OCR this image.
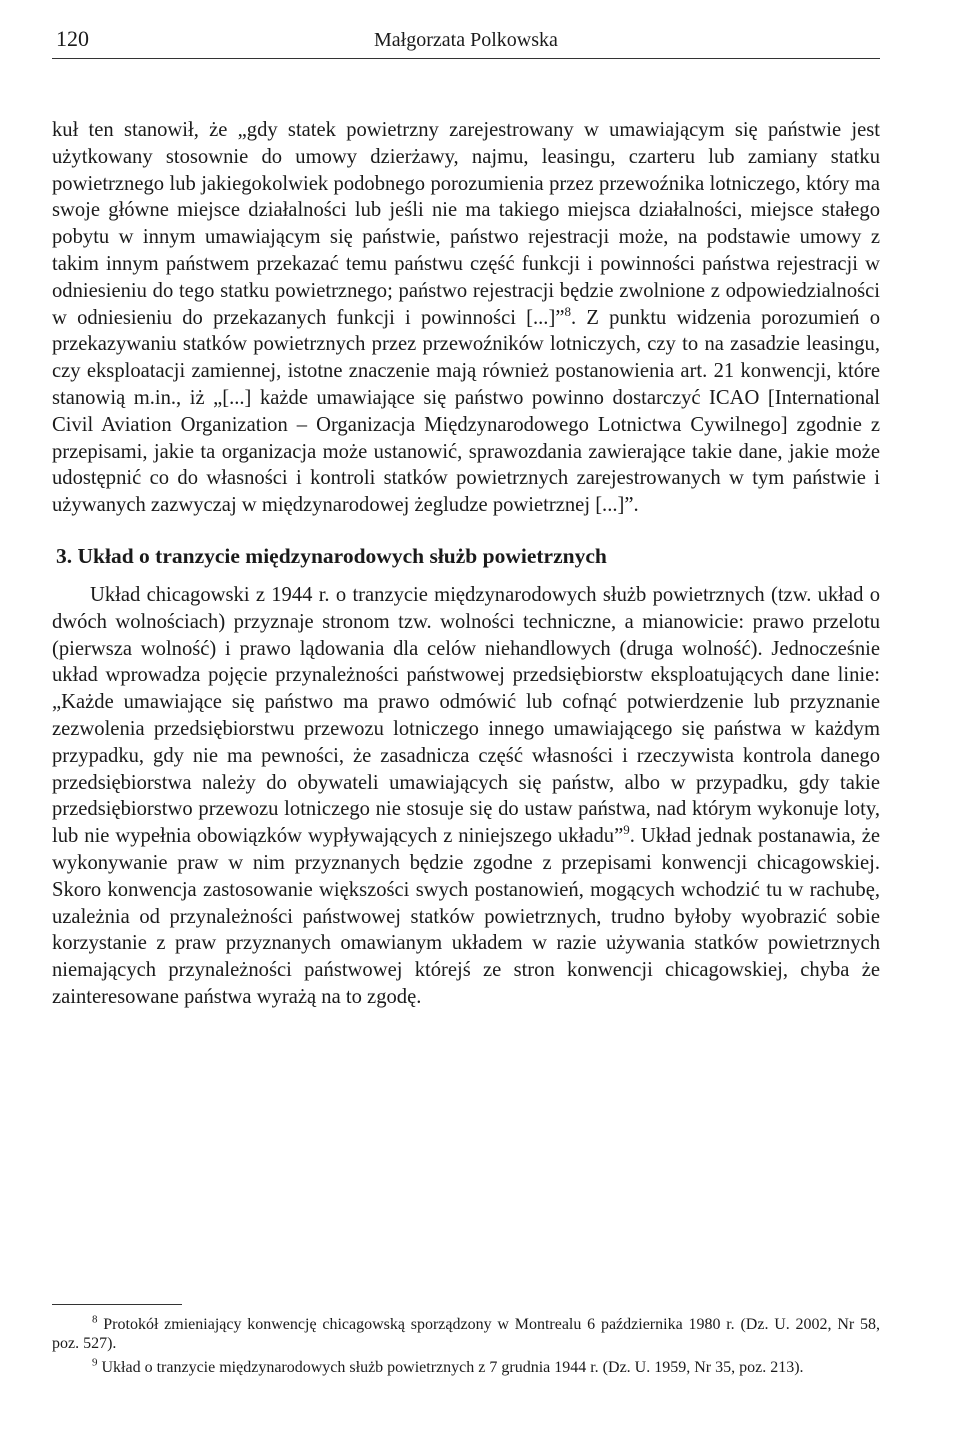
120	Małgorzata Polkowska

kuł ten stanowił, że „gdy statek powietrzny zarejestrowany w umawiającym się państwie jest użytkowany stosownie do umowy dzierżawy, najmu, leasingu, czarteru lub zamiany statku powietrznego lub jakiegokolwiek podobnego porozumienia przez przewoźnika lotniczego, który ma swoje główne miejsce działalności lub jeśli nie ma takiego miejsca działalności, miejsce stałego pobytu w innym umawiającym się państwie, państwo rejestracji może, na podstawie umowy z takim innym państwem przekazać temu państwu część funkcji i powinności państwa rejestracji w odniesieniu do tego statku powietrznego; państwo rejestracji będzie zwolnione z odpowiedzialności w odniesieniu do przekazanych funkcji i powinności [...]”$^8$. Z punktu widzenia porozumień o przekazywaniu statków powietrznych przez przewoźników lotniczych, czy to na zasadzie leasingu, czy eksploatacji zamiennej, istotne znaczenie mają również postanowienia art. 21 konwencji, które stanowią m.in., iż „[...] każde umawiające się państwo powinno dostarczyć ICAO [International Civil Aviation Organization – Organizacja Międzynarodowego Lotnictwa Cywilnego] zgodnie z przepisami, jakie ta organizacja może ustanowić, sprawozdania zawierające takie dane, jakie może udostępnić co do własności i kontroli statków powietrznych zarejestrowanych w tym państwie i używanych zazwyczaj w międzynarodowej żegludze powietrznej [...]”.

3. Układ o tranzycie międzynarodowych służb powietrznych

Układ chicagowski z 1944 r. o tranzycie międzynarodowych służb powietrznych (tzw. układ o dwóch wolnościach) przyznaje stronom tzw. wolności techniczne, a mianowicie: prawo przelotu (pierwsza wolność) i prawo lądowania dla celów niehandlowych (druga wolność). Jednocześnie układ wprowadza pojęcie przynależności państwowej przedsiębiorstw eksploatujących dane linie: „Każde umawiające się państwo ma prawo odmówić lub cofnąć potwierdzenie lub przyznanie zezwolenia przedsiębiorstwu przewozu lotniczego innego umawiającego się państwa w każdym przypadku, gdy nie ma pewności, że zasadnicza część własności i rzeczywista kontrola danego przedsiębiorstwa należy do obywateli umawiających się państw, albo w przypadku, gdy takie przedsiębiorstwo przewozu lotniczego nie stosuje się do ustaw państwa, nad którym wykonuje loty, lub nie wypełnia obowiązków wypływających z niniejszego układu”$^9$. Układ jednak postanawia, że wykonywanie praw w nim przyznanych będzie zgodne z przepisami konwencji chicagowskiej. Skoro konwencja zastosowanie większości swych postanowień, mogących wchodzić tu w rachubę, uzależnia od przynależności państwowej statków powietrznych, trudno byłoby wyobrazić sobie korzystanie z praw przyznanych omawianym układem w razie używania statków powietrznych niemających przynależności państwowej którejś ze stron konwencji chicagowskiej, chyba że zainteresowane państwa wyrażą na to zgodę.

$^8$ Protokół zmieniający konwencję chicagowską sporządzony w Montrealu 6 października 1980 r. (Dz. U. 2002, Nr 58, poz. 527).

$^9$ Układ o tranzycie międzynarodowych służb powietrznych z 7 grudnia 1944 r. (Dz. U. 1959, Nr 35, poz. 213).
